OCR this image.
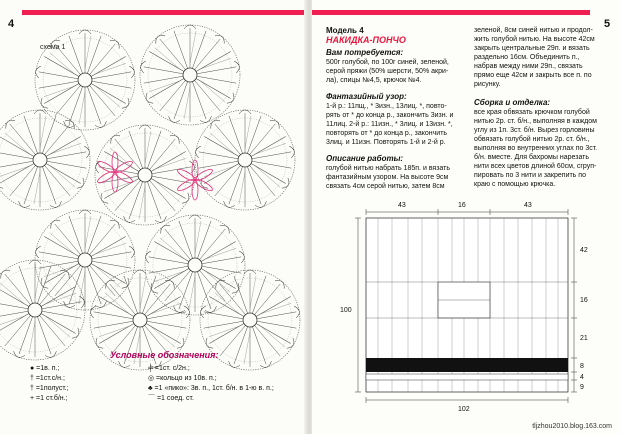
4
схема 1
Условные обозначения:
● =1в. п.;
† =1ст.с/н.;
† =1полуст.;
+ =1 ст.б/н.;
╪ =1ст. с/2н.;
◎ =кольцо из 10в. п.;
♣ =1 «пико»: 3в. п., 1ст. б/н. в 1-ю в. п.;
⌒ =1 соед. ст.
5
Модель 4
НАКИДКА-ПОНЧО
Вам потребуется:
500г голубой, по 100г синей, зеленой,
серой пряжи (50% шерсти, 50% акри-
ла), спицы №4,5, крючок №4.
Фантазийный узор:
1-й р.: 11пщ., * 3изн., 13лиц. *, повто-
рять от * до конца р., закончить 3изн. и
11лиц. 2-й р.: 11изн., * 3лиц. и 13изн. *,
повторять от * до конца р., закончить
3лиц. и 11изн. Повторять 1-й и 2-й р.
Описание работы:
голубой нитью набрать 185п. и вязать
фантазийным узором. На высоте 9см
связать 4см серой нитью, затем 8см
зеленой, 8см синей нитью и продол-
жить голубой нитью. На высоте 42см
закрыть центральные 29п. и вязать
раздельно 16см. Объединить п.,
набрав между ними 29п., связать
прямо еще 42см и закрыть все п. по
рисунку.
Сборка и отделка:
все края обвязать крючком голубой
нитью 2р. ст. б/н., выполняя в каждом
углу из 1п. 3ст. б/н. Вырез горловины
обвязать голубой нитью 2р. ст. б/н.,
выполняя во внутренних углах по 3ст.
б/н. вместе. Для бахромы нарезать
нити всех цветов длиной 60см, сгруп-
пировать по 3 нити и закрепить по
краю с помощью крючка.
43	16	43
42
16
21
8
4
9
100
102
tljzhou2010.blog.163.com
